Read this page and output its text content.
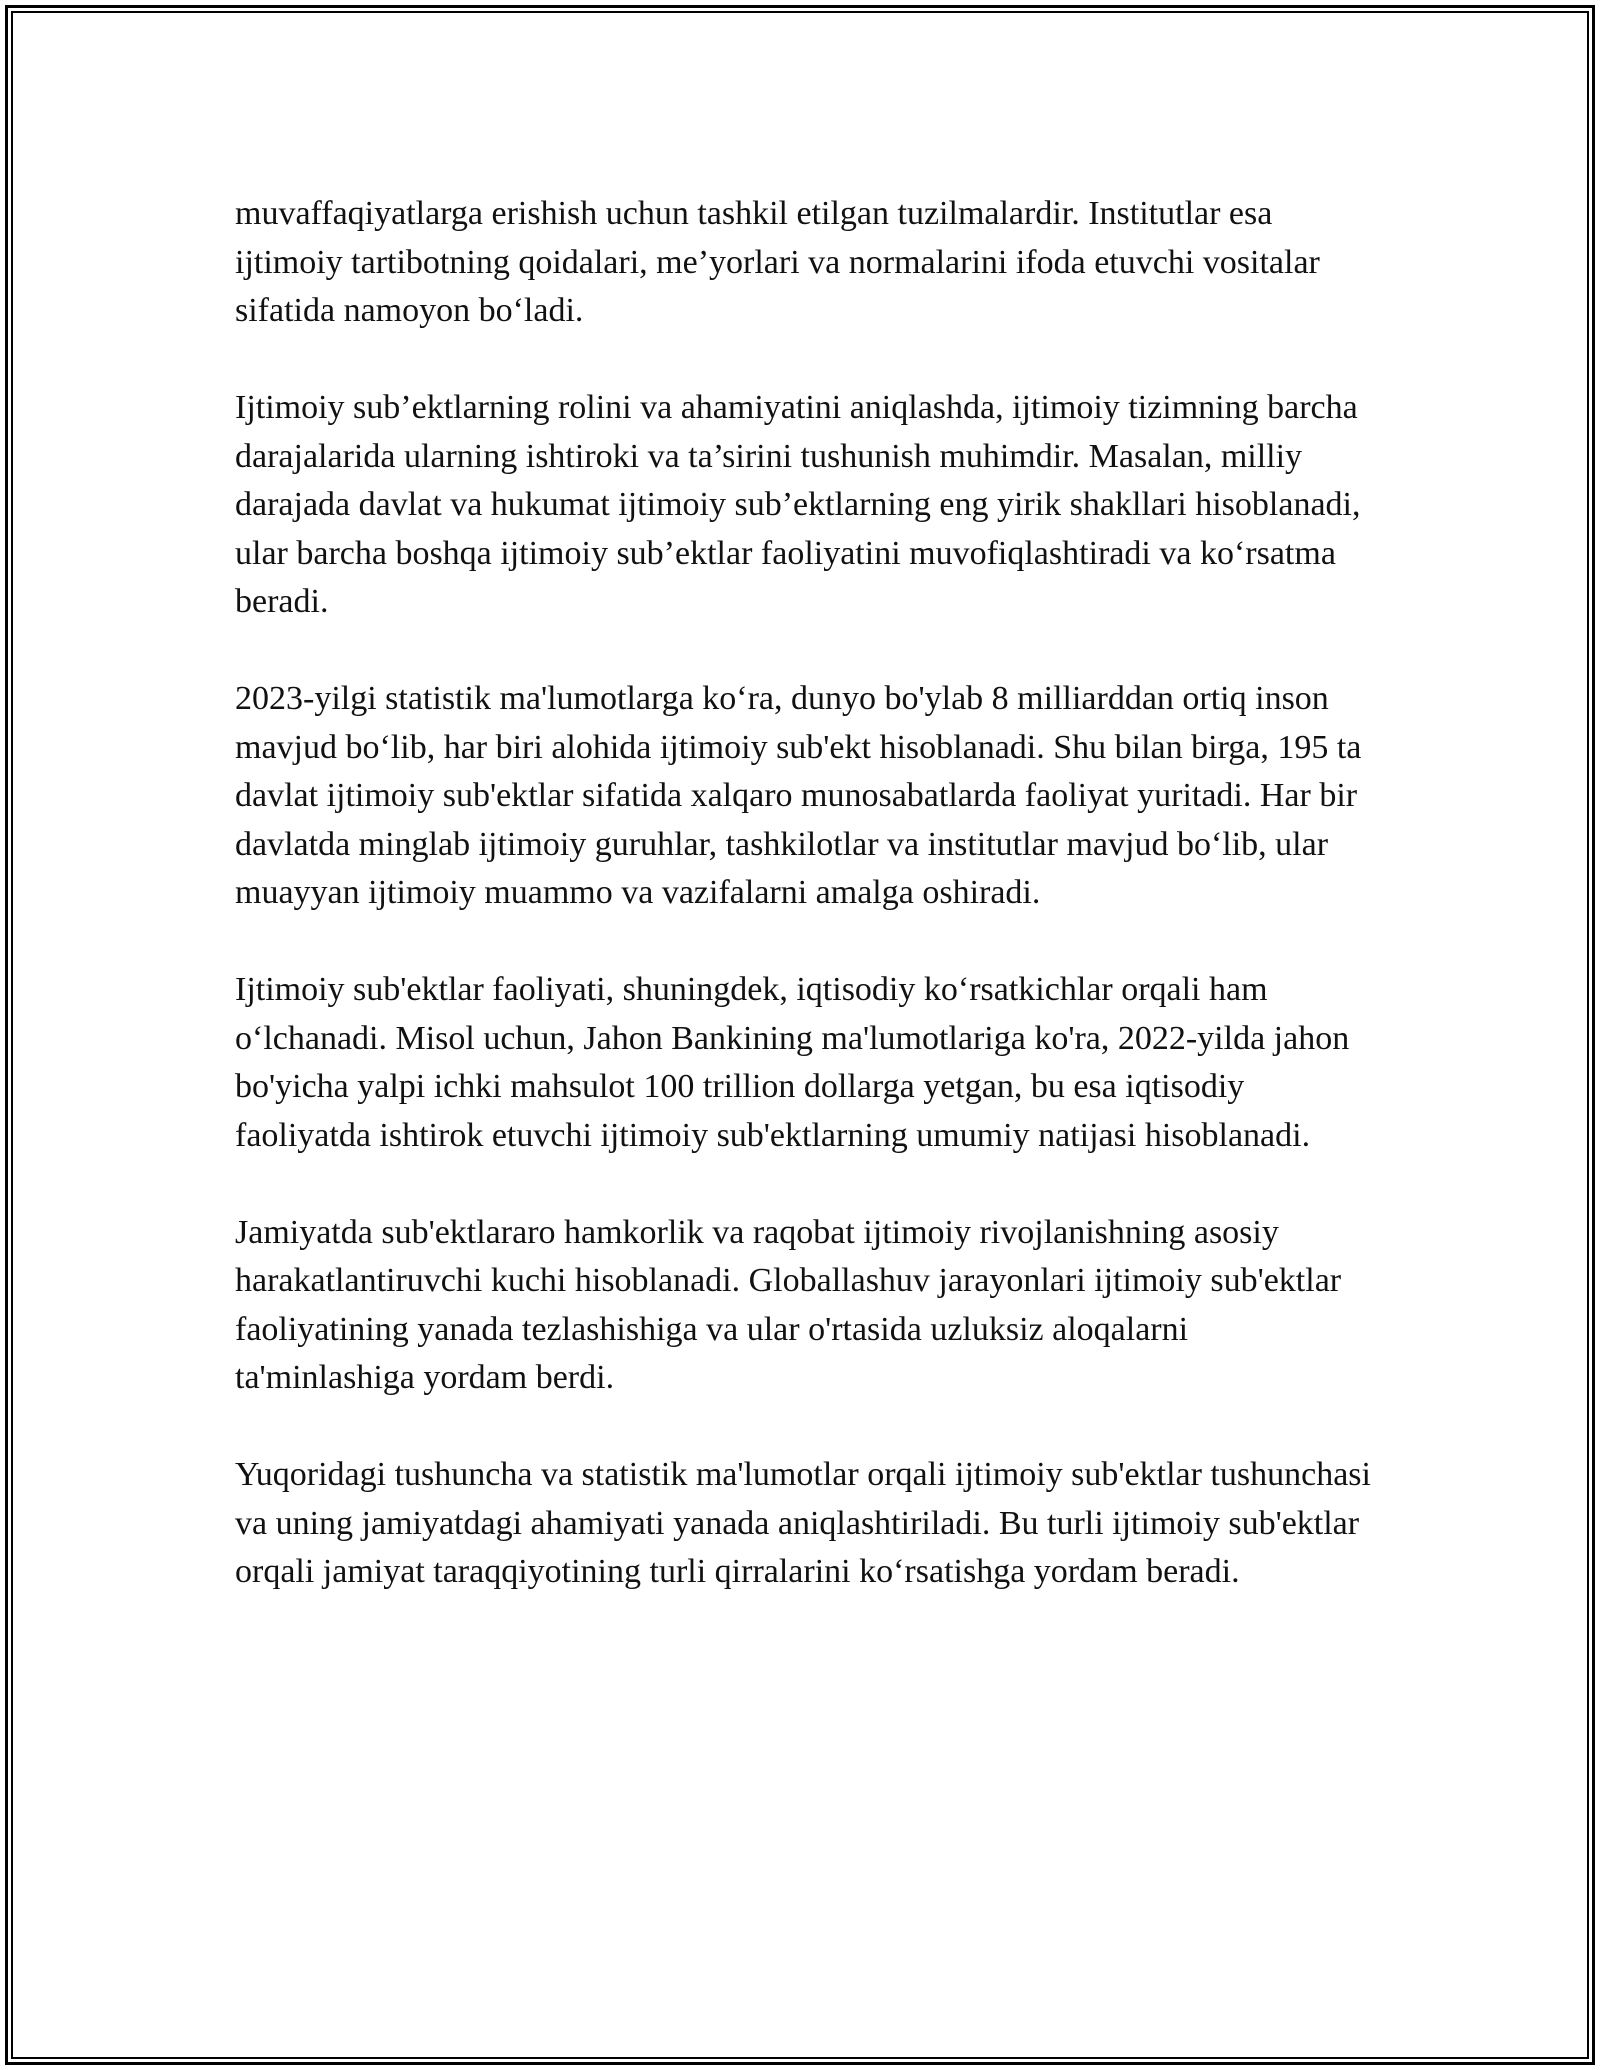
muvaffaqiyatlarga erishish uchun tashkil etilgan tuzilmalardir. Institutlar esa ijtimoiy tartibotning qoidalari, me’yorlari va normalarini ifoda etuvchi vositalar sifatida namoyon bo‘ladi.

Ijtimoiy sub’ektlarning rolini va ahamiyatini aniqlashda, ijtimoiy tizimning barcha darajalarida ularning ishtiroki va ta’sirini tushunish muhimdir. Masalan, milliy darajada davlat va hukumat ijtimoiy sub’ektlarning eng yirik shakllari hisoblanadi, ular barcha boshqa ijtimoiy sub’ektlar faoliyatini muvofiqlashtiradi va ko‘rsatma beradi.

2023-yilgi statistik ma'lumotlarga ko‘ra, dunyo bo'ylab 8 milliarddan ortiq inson mavjud bo‘lib, har biri alohida ijtimoiy sub'ekt hisoblanadi. Shu bilan birga, 195 ta davlat ijtimoiy sub'ektlar sifatida xalqaro munosabatlarda faoliyat yuritadi. Har bir davlatda minglab ijtimoiy guruhlar, tashkilotlar va institutlar mavjud bo‘lib, ular muayyan ijtimoiy muammo va vazifalarni amalga oshiradi.

Ijtimoiy sub'ektlar faoliyati, shuningdek, iqtisodiy ko‘rsatkichlar orqali ham o‘lchanadi. Misol uchun, Jahon Bankining ma'lumotlariga ko'ra, 2022-yilda jahon bo'yicha yalpi ichki mahsulot 100 trillion dollarga yetgan, bu esa iqtisodiy faoliyatda ishtirok etuvchi ijtimoiy sub'ektlarning umumiy natijasi hisoblanadi.

Jamiyatda sub'ektlararo hamkorlik va raqobat ijtimoiy rivojlanishning asosiy harakatlantiruvchi kuchi hisoblanadi. Globallashuv jarayonlari ijtimoiy sub'ektlar faoliyatining yanada tezlashishiga va ular o'rtasida uzluksiz aloqalarni ta'minlashiga yordam berdi.

Yuqoridagi tushuncha va statistik ma'lumotlar orqali ijtimoiy sub'ektlar tushunchasi va uning jamiyatdagi ahamiyati yanada aniqlashtiriladi. Bu turli ijtimoiy sub'ektlar orqali jamiyat taraqqiyotining turli qirralarini ko‘rsatishga yordam beradi.
